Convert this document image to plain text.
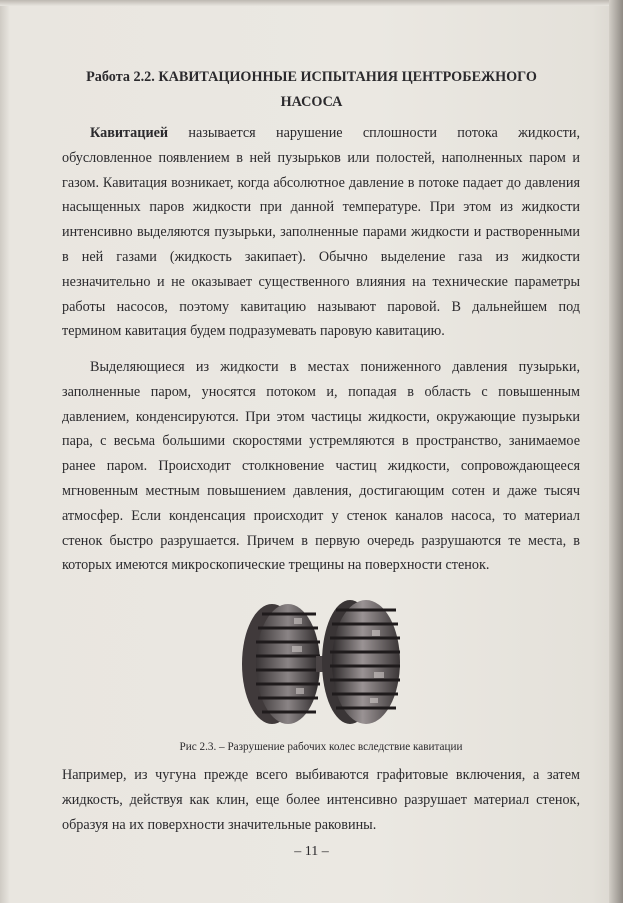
Работа 2.2. КАВИТАЦИОННЫЕ ИСПЫТАНИЯ ЦЕНТРОБЕЖНОГО
НАСОСА
Кавитацией называется нарушение сплошности потока жидкости, обусловленное появлением в ней пузырьков или полостей, наполненных паром и газом. Кавитация возникает, когда абсолютное давление в потоке падает до давления насыщенных паров жидкости при данной температуре. При этом из жидкости интенсивно выделяются пузырьки, заполненные парами жидкости и растворенными в ней газами (жидкость закипает). Обычно выделение газа из жидкости незначительно и не оказывает существенного влияния на технические параметры работы насосов, поэтому кавитацию называют паровой. В дальнейшем под термином кавитация будем подразумевать паровую кавитацию.
Выделяющиеся из жидкости в местах пониженного давления пузырьки, заполненные паром, уносятся потоком и, попадая в область с повышенным давлением, конденсируются. При этом частицы жидкости, окружающие пузырьки пара, с весьма большими скоростями устремляются в пространство, занимаемое ранее паром. Происходит столкновение частиц жидкости, сопровождающееся мгновенным местным повышением давления, достигающим сотен и даже тысяч атмосфер. Если конденсация происходит у стенок каналов насоса, то материал стенок быстро разрушается. Причем в первую очередь разрушаются те места, в которых имеются микроскопические трещины на поверхности стенок.
Рис 2.3. – Разрушение рабочих колес вследствие кавитации
Например, из чугуна прежде всего выбиваются графитовые включения, а затем жидкость, действуя как клин, еще более интенсивно разрушает материал стенок, образуя на их поверхности значительные раковины.
– 11 –
